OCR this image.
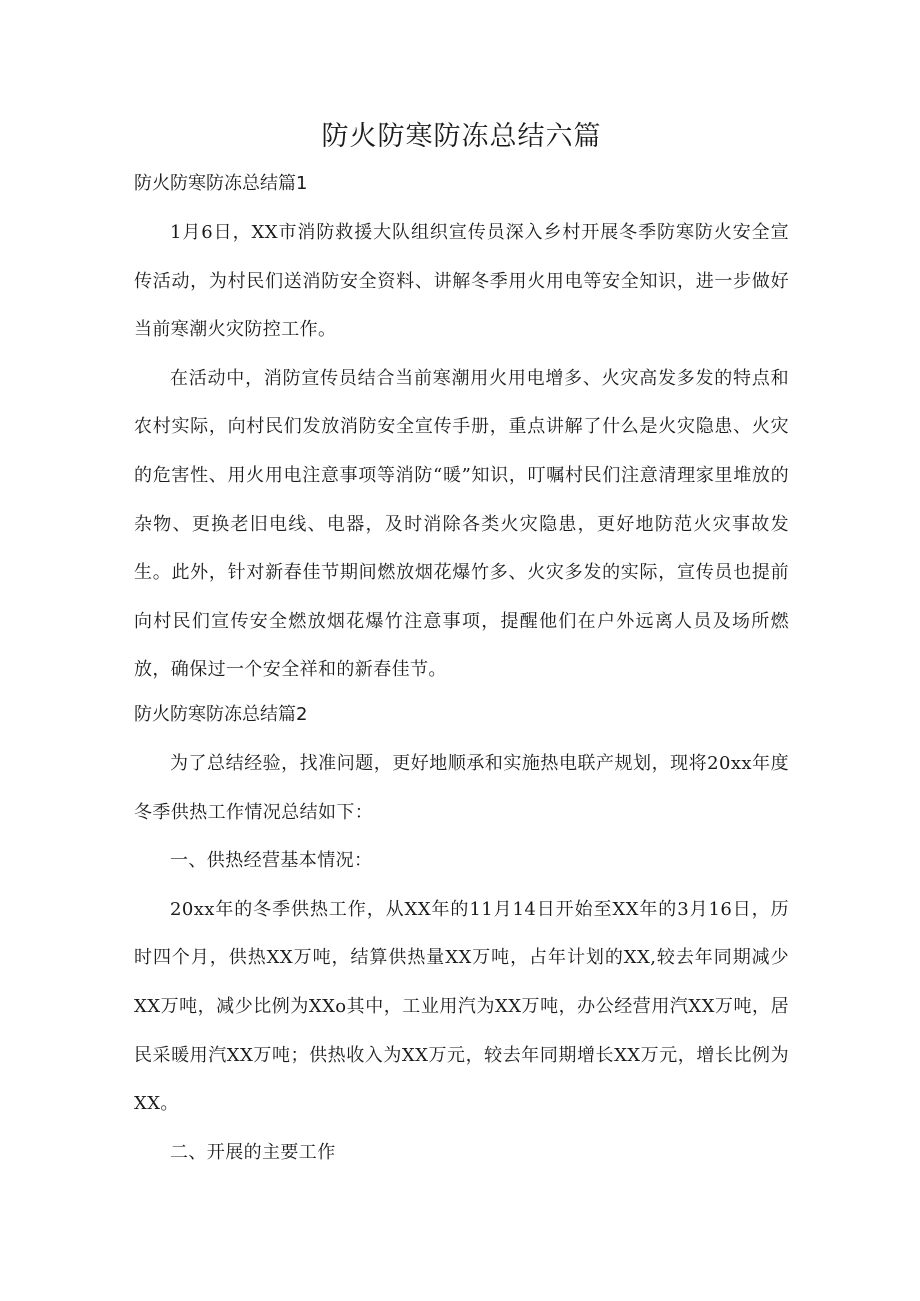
防火防寒防冻总结六篇
防火防寒防冻总结篇1

1月6日，XX市消防救援大队组织宣传员深入乡村开展冬季防寒防火安全宣传活动，为村民们送消防安全资料、讲解冬季用火用电等安全知识，进一步做好当前寒潮火灾防控工作。

在活动中，消防宣传员结合当前寒潮用火用电增多、火灾高发多发的特点和农村实际，向村民们发放消防安全宣传手册，重点讲解了什么是火灾隐患、火灾的危害性、用火用电注意事项等消防“暖”知识，叮嘱村民们注意清理家里堆放的杂物、更换老旧电线、电器，及时消除各类火灾隐患，更好地防范火灾事故发生。此外，针对新春佳节期间燃放烟花爆竹多、火灾多发的实际，宣传员也提前向村民们宣传安全燃放烟花爆竹注意事项，提醒他们在户外远离人员及场所燃放，确保过一个安全祥和的新春佳节。

防火防寒防冻总结篇2

为了总结经验，找准问题，更好地顺承和实施热电联产规划，现将20xx年度冬季供热工作情况总结如下：

一、供热经营基本情况：

20xx年的冬季供热工作，从XX年的11月14日开始至XX年的3月16日，历时四个月，供热XX万吨，结算供热量XX万吨，占年计划的XX,较去年同期减少XX万吨，减少比例为XXo其中，工业用汽为XX万吨，办公经营用汽XX万吨，居民采暖用汽XX万吨；供热收入为XX万元，较去年同期增长XX万元，增长比例为XX。

二、开展的主要工作
